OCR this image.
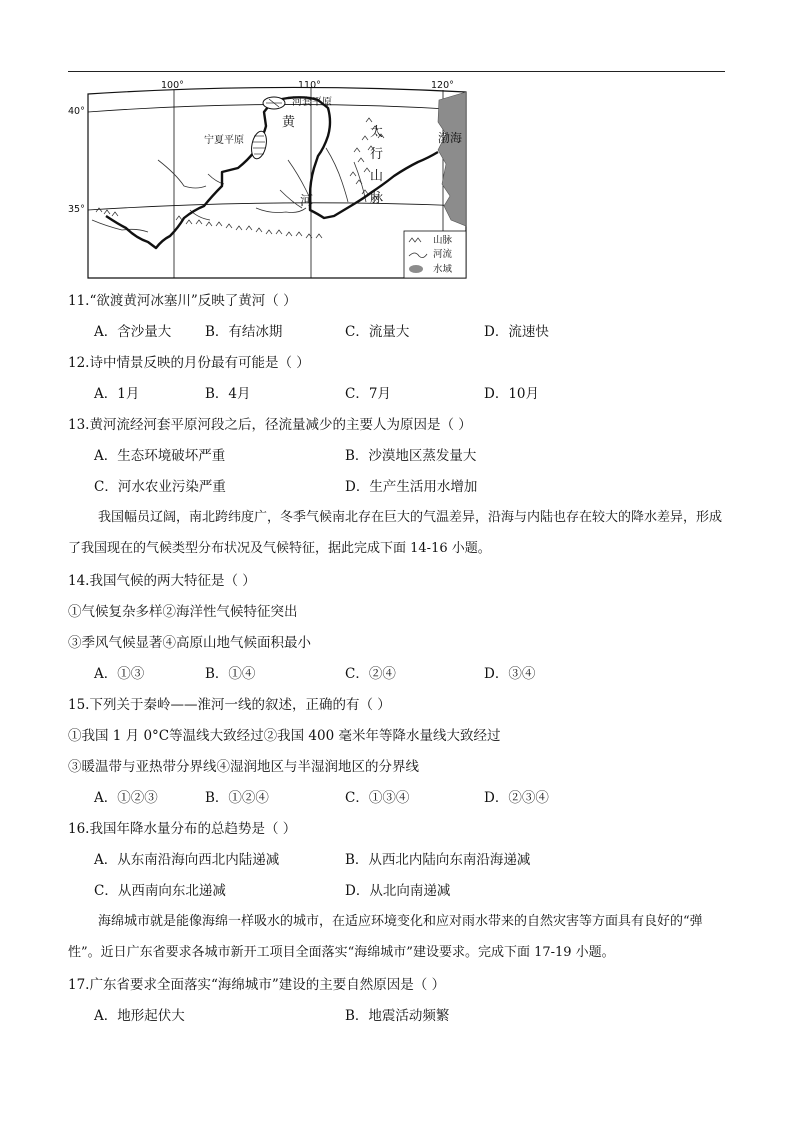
100°	110°	120°
40°
35°
河套平原
宁夏平原
黄
河
太
行
山
脉
渤海
山脉
河流
水域
11.“欲渡黄河冰塞川”反映了黄河（ ）
A．含沙量大	B．有结冰期	C．流量大	D．流速快
12.诗中情景反映的月份最有可能是（ ）
A．1月	B．4月	C．7月	D．10月
13.黄河流经河套平原河段之后，径流量减少的主要人为原因是（ ）
A．生态环境破坏严重	B．沙漠地区蒸发量大
C．河水农业污染严重	D．生产生活用水增加
我国幅员辽阔，南北跨纬度广，冬季气候南北存在巨大的气温差异，沿海与内陆也存在较大的降水差异，形成了我国现在的气候类型分布状况及气候特征，据此完成下面 14-16 小题。
14.我国气候的两大特征是（ ）
①气候复杂多样②海洋性气候特征突出
③季风气候显著④高原山地气候面积最小
A．①③	B．①④	C．②④	D．③④
15.下列关于秦岭——淮河一线的叙述，正确的有（ ）
①我国 1 月 0°C等温线大致经过②我国 400 毫米年等降水量线大致经过
③暖温带与亚热带分界线④湿润地区与半湿润地区的分界线
A．①②③	B．①②④	C．①③④	D．②③④
16.我国年降水量分布的总趋势是（ ）
A．从东南沿海向西北内陆递减	B．从西北内陆向东南沿海递减
C．从西南向东北递减	D．从北向南递减
海绵城市就是能像海绵一样吸水的城市，在适应环境变化和应对雨水带来的自然灾害等方面具有良好的“弹性”。近日广东省要求各城市新开工项目全面落实“海绵城市”建设要求。完成下面 17-19 小题。
17.广东省要求全面落实“海绵城市”建设的主要自然原因是（ ）
A．地形起伏大	B．地震活动频繁
